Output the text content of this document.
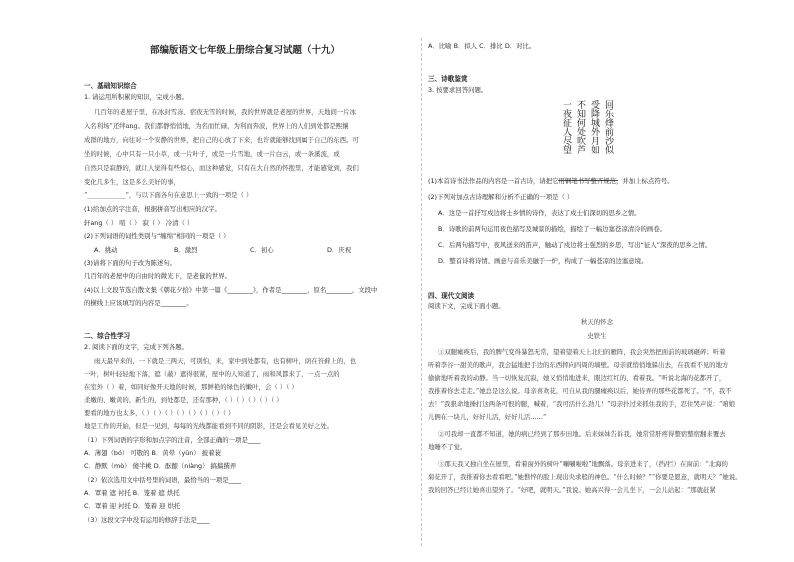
部编版语文七年级上册综合复习试题（十九）
一、基础知识综合
1. 请运用所积累的知识，完成小题。
几百年的老屋子里，在冰封雪冻、宿夜无雪的时候，我的世界就是老屋的世界，天地间一片冰
入名利场”还绊ang。我们都静悄悄地，为名而忙碌，为利而奔波，世界上的人们到处都是熙攘
成群的地方，向往对一个安静的世界，把自己的心放了下来，也许就能够找到属于自己的东西。可
坐的时候，心中只有一只小草，或一片叶子，或是一片雪地，或一片白云，或一条溪流，或
自然只是寂静的，就让人觉得有些惊心，而这种感觉，只有在大自然的怀抱里，才能感觉到，我们
变化几多生，这是多么美好的事，
“____________”，与以下面各句在意思上一致的一项是（ ）
(1)给加点的字注音，根据拼音写出相应的汉字。
轩ang（ ） 喧（ ） 寂（ ） 冷清（ ）
(2)下列词语的词性类别与“缠绵”相同的一项是（ ）
A．挑动	B．激烈	C．初心	D．庆祝
(3)请将下面的句子改为陈述句。
几百年的老屋中的自由时的微光下，是老鼠的世界。
(4)以上文段节选自散文集《朝花夕拾》中第一篇《________》，作者是________，原名________，文段中
的横线上应该填写的内容是________。
二、综合性学习
2. 阅读下面的文字，完成下列各题。
雨天最早来的，一下就是三两天，可别怕，来，家中到处都有，也有树叶，荫在苔藓上的，也
一叶，树叶轻轻地下落，遮（蔽）遮得很紧，屋中的人知道了，雨和风都来了，一点一点的
在室外（ ）着，如同好像开天地的时候，那鲜艳的绿色的嫩叶，会（ ）（ ）
柔嫩的、嫩黄的、新生的，到处都是，还有那种，（ ）（ ）（ ）（ ）（ ）
要看的地方也太多，（ ）（ ）（ ）（ ）（ ）（ ）（ ）（ ）
地是工作的开始，但是一见到，每每的光线都能看到不同的阴影，还是会看见美好之处。
（1）下列词语的字形和加点字的注音，全部正确的一项是____
A．薄翅（bó） 可敬的 B．黄晕（yūn） 披着蓑
C．静默（mò） 傻半桃 D．酝酿（niàng） 搞搞撰弄
（2）依次选用文中括号里的词语，最恰当的一项是____
A．罩着 遮 衬托 B．笼着 遮 烘托
C．罩着 迎 衬托 D．笼着 迎 烘托
（3）这段文字中没有运用的修辞手法是____
A．比喻 B．拟人 C．排比 D．对比。
三、诗歌鉴赏
3. 按要求回答问题。
一夜征人尽望 不知何处吹芦 受降城外月如 回乐烽前沙似
(1)本首诗书法作品的内容是一首古诗，请把它用钢笔书写整齐规范，并加上标点符号。
(2)下列对加点古诗理解和分析不正确的一项是（ ）
A．这是一首抒写戍边将士乡情的诗作，表达了戍士们深切的思乡之情。
B．诗歌的前两句运用夜色描写及城景的描绘，描绘了一幅边塞苍凉清冷的画卷。
C．后两句描写中，夜风送来的笛声，触动了戍边将士强烈的乡思，写出“征人”深夜的思乡之情。
D．整首诗将诗情、画意与音乐美融于一炉，构成了一幅苍凉的边塞意境。
四、现代文阅读
阅读下文，完成下面小题。
秋天的怀念
史铁生
①双腿瘫痪后，我的脾气变得暴怒无常，望着望着天上北归的雁阵，我会突然把面前的玻璃砸碎；听着
听着李谷一甜美的歌声，我会猛地把手边的东西摔向四周的墙壁。母亲就悄悄地躲出去，在我看不见的地方
偷偷地听着我的动静。当一切恢复沉寂，她又悄悄地进来，眼边红红的，看着我。“听说北海的花都开了，
我推着你去走走。”她总是这么说。母亲喜欢花，可自从我的腿瘫痪以后，她侍弄的那些花都死了。“不，我不
去！”我狠命地捶打这两条可恨的腿，喊着，“我可活什么劲儿！”母亲扑过来抓住我的手，忍住哭声说：“咱娘
儿俩在一块儿，好好儿活，好好儿活……”
②可我却一直都不知道，她的病已经到了那步田地。后来妹妹告诉我，她常常肝疼得整宿整宿翻来覆去
地睡不了觉。
③那天我又独自坐在屋里，看着窗外的树叶“唰唰啦啦”地飘落。母亲进来了，（挡/拦）在窗前：“北海的
菊花开了，我推着你去看看吧。”她憔悴的脸上现出央求般的神色。“什么时候？”“你要是愿意，就明天？”她说。
我的回答已经让她喜出望外了。“好吧，就明天。”我说。她高兴得一会儿坐下，一会儿站起：“那就赶紧
